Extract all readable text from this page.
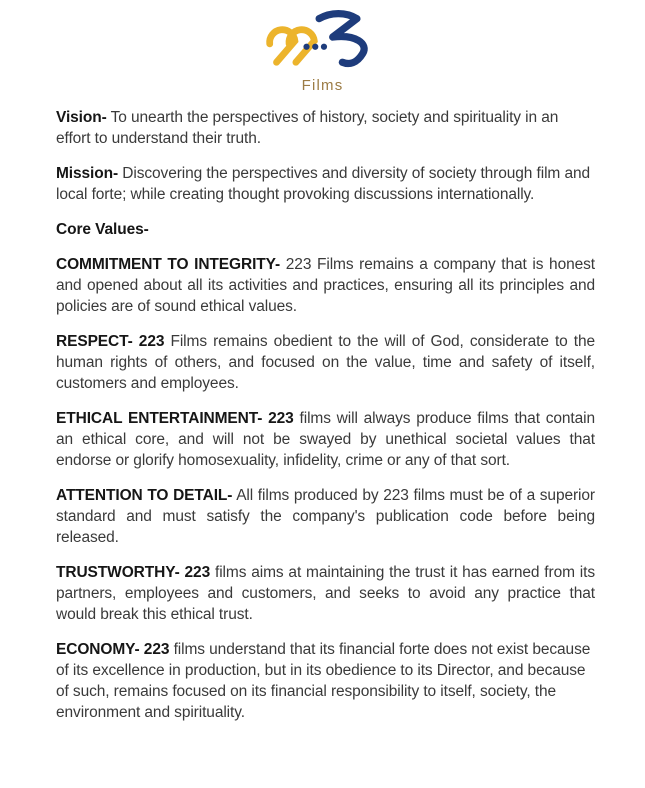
Films

Vision- To unearth the perspectives of history, society and spirituality in an effort to understand their truth.

Mission- Discovering the perspectives and diversity of society through film and local forte; while creating thought provoking discussions internationally.

Core Values-

COMMITMENT TO INTEGRITY- 223 Films remains a company that is honest and opened about all its activities and practices, ensuring all its principles and policies are of sound ethical values.

RESPECT- 223 Films remains obedient to the will of God, considerate to the human rights of others, and focused on the value, time and safety of itself, customers and employees.

ETHICAL ENTERTAINMENT- 223 films will always produce films that contain an ethical core, and will not be swayed by unethical societal values that endorse or glorify homosexuality, infidelity, crime or any of that sort.

ATTENTION TO DETAIL- All films produced by 223 films must be of a superior standard and must satisfy the company's publication code before being released.

TRUSTWORTHY- 223 films aims at maintaining the trust it has earned from its partners, employees and customers, and seeks to avoid any practice that would break this ethical trust.

ECONOMY- 223 films understand that its financial forte does not exist because of its excellence in production, but in its obedience to its Director, and because of such, remains focused on its financial responsibility to itself, society, the environment and spirituality.
